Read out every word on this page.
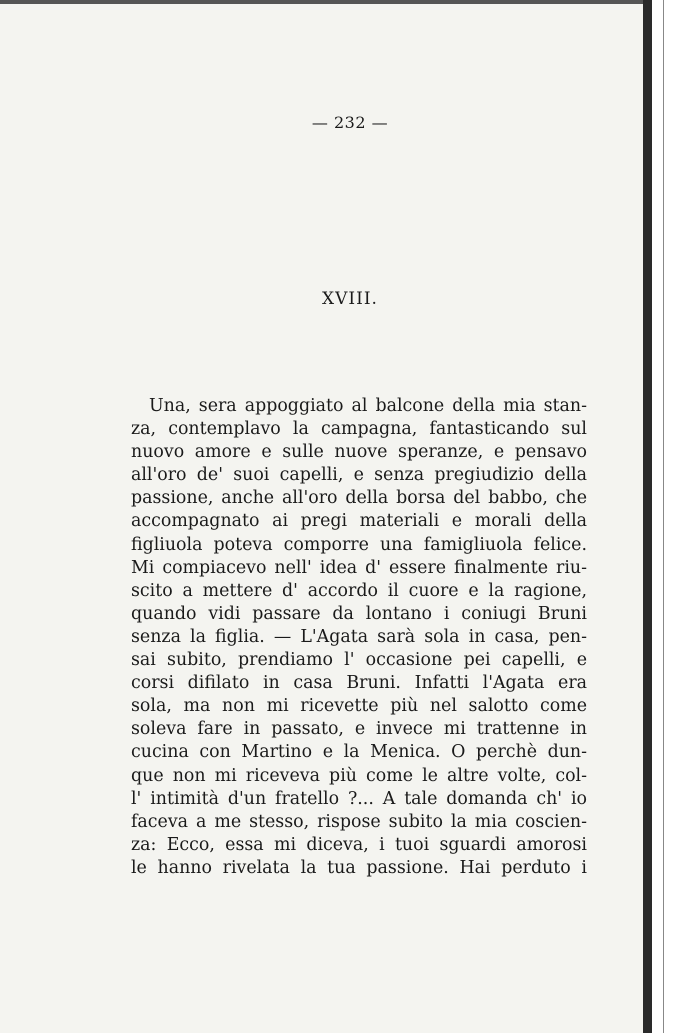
— 232 —
XVIII.
Una, sera appoggiato al balcone della mia stan-
za, contemplavo la campagna, fantasticando sul
nuovo amore e sulle nuove speranze, e pensavo
all'oro de' suoi capelli, e senza pregiudizio della
passione, anche all'oro della borsa del babbo, che
accompagnato ai pregi materiali e morali della
figliuola poteva comporre una famigliuola felice.
Mi compiacevo nell' idea d' essere finalmente riu-
scito a mettere d' accordo il cuore e la ragione,
quando vidi passare da lontano i coniugi Bruni
senza la figlia. — L'Agata sarà sola in casa, pen-
sai subito, prendiamo l' occasione pei capelli, e
corsi difilato in casa Bruni. Infatti l'Agata era
sola, ma non mi ricevette più nel salotto come
soleva fare in passato, e invece mi trattenne in
cucina con Martino e la Menica. O perchè dun-
que non mi riceveva più come le altre volte, col-
l' intimità d'un fratello ?... A tale domanda ch' io
faceva a me stesso, rispose subito la mia coscien-
za: Ecco, essa mi diceva, i tuoi sguardi amorosi
le hanno rivelata la tua passione. Hai perduto i
